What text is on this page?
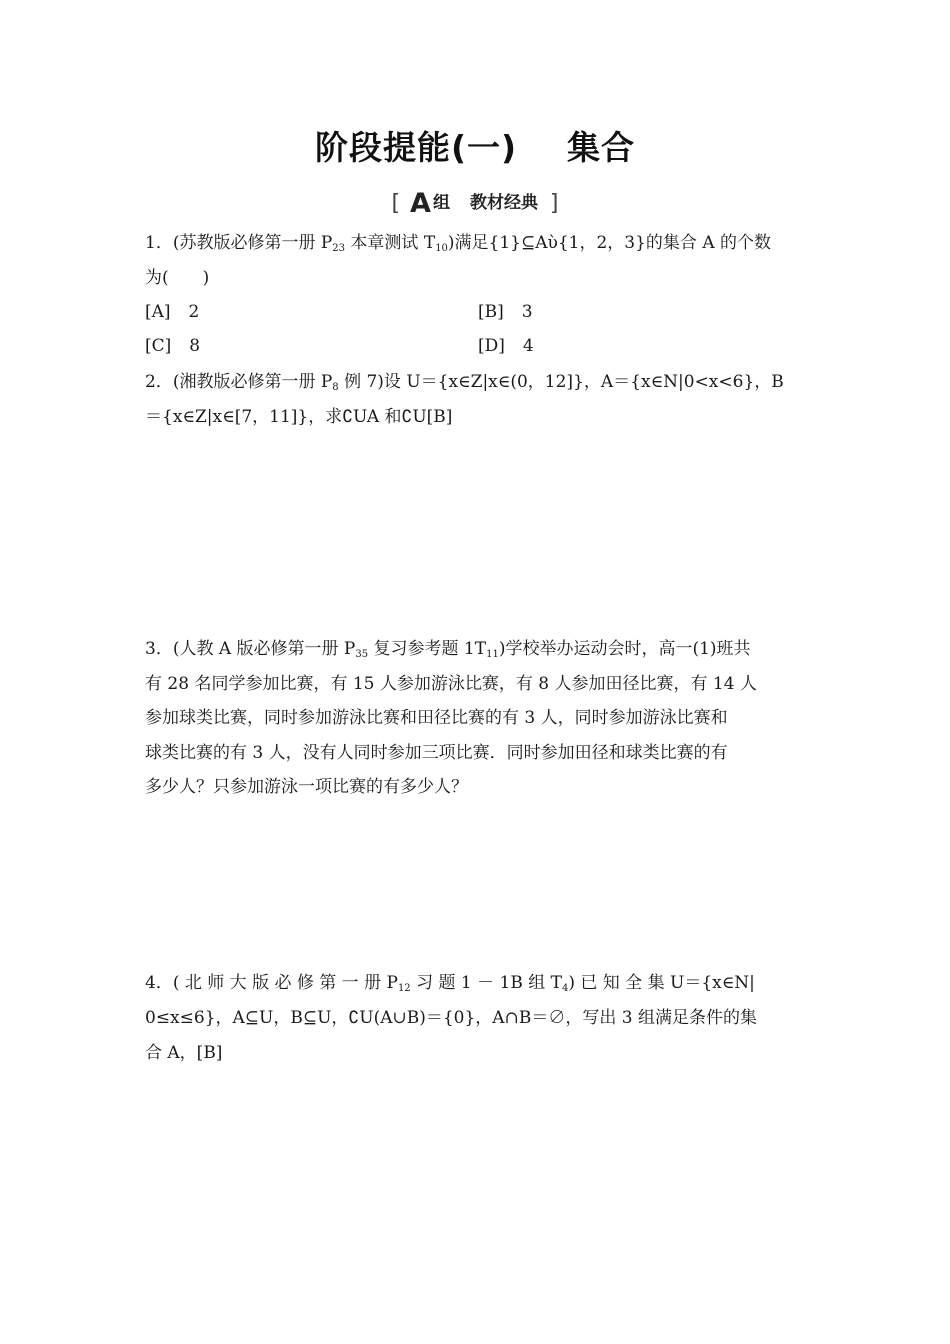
阶段提能(一)    集合
[ A 组 教材经典 ]
1．(苏教版必修第一册 $P_{23}$ 本章测试 $T_{10}$)满足{1}⊆Aὺ{1，2，3}的集合 A 的个数
为(　　)
[A] 2	[B] 3
[C] 8	[D] 4
2．(湘教版必修第一册 $P_8$ 例 7)设 U＝{x∈Z|x∈(0，12]}，A＝{x∈N|0<x<6}，B
＝{x∈Z|x∈[7，11]}，求∁UA 和∁U[B]
3．(人教 A 版必修第一册 $P_{35}$ 复习参考题 $1T_{11}$)学校举办运动会时，高一(1)班共
有 28 名同学参加比赛，有 15 人参加游泳比赛，有 8 人参加田径比赛，有 14 人
参加球类比赛，同时参加游泳比赛和田径比赛的有 3 人，同时参加游泳比赛和
球类比赛的有 3 人，没有人同时参加三项比赛．同时参加田径和球类比赛的有
多少人？只参加游泳一项比赛的有多少人？
4．( 北 师 大 版 必 修 第 一 册 $P_{12}$ 习 题 1 － 1B 组 $T_4$) 已 知 全 集 U＝{x∈N|
0≤x≤6}，A⊆U，B⊆U，∁U(A∪B)＝{0}，A∩B＝∅，写出 3 组满足条件的集
合 A，[B]
